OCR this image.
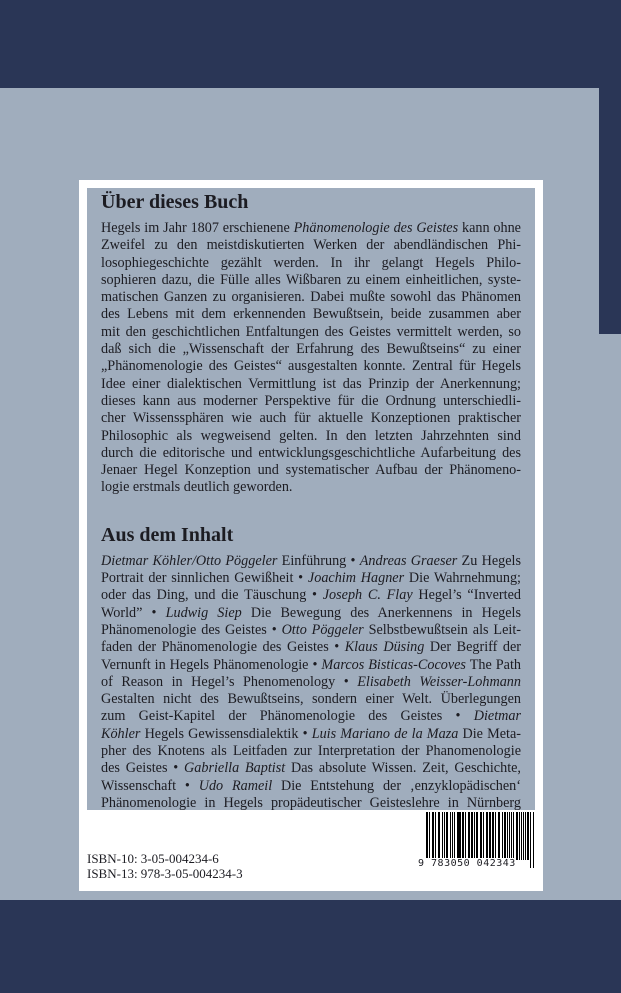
Über dieses Buch
Hegels im Jahr 1807 erschienene Phänomenologie des Geistes kann ohne
Zweifel zu den meistdiskutierten Werken der abendländischen Phi-
losophiegeschichte gezählt werden. In ihr gelangt Hegels Philo-
sophieren dazu, die Fülle alles Wißbaren zu einem einheitlichen, syste-
matischen Ganzen zu organisieren. Dabei mußte sowohl das Phänomen
des Lebens mit dem erkennenden Bewußtsein, beide zusammen aber
mit den geschichtlichen Entfaltungen des Geistes vermittelt werden, so
daß sich die „Wissenschaft der Erfahrung des Bewußtseins“ zu einer
„Phänomenologie des Geistes“ ausgestalten konnte. Zentral für Hegels
Idee einer dialektischen Vermittlung ist das Prinzip der Anerkennung;
dieses kann aus moderner Perspektive für die Ordnung unterschiedli-
cher Wissenssphären wie auch für aktuelle Konzeptionen praktischer
Philosophic als wegweisend gelten. In den letzten Jahrzehnten sind
durch die editorische und entwicklungsgeschichtliche Aufarbeitung des
Jenaer Hegel Konzeption und systematischer Aufbau der Phänomeno-
logie erstmals deutlich geworden.
Aus dem Inhalt
Dietmar Köhler/Otto Pöggeler Einführung • Andreas Graeser Zu Hegels
Portrait der sinnlichen Gewißheit • Joachim Hagner Die Wahrnehmung;
oder das Ding, und die Täuschung • Joseph C. Flay Hegel’s “Inverted
World” • Ludwig Siep Die Bewegung des Anerkennens in Hegels
Phänomenologie des Geistes • Otto Pöggeler Selbstbewußtsein als Leit-
faden der Phänomenologie des Geistes • Klaus Düsing Der Begriff der
Vernunft in Hegels Phänomenologie • Marcos Bisticas-Cocoves The Path
of Reason in Hegel’s Phenomenology • Elisabeth Weisser-Lohmann
Gestalten nicht des Bewußtseins, sondern einer Welt. Überlegungen
zum Geist-Kapitel der Phänomenologie des Geistes • Dietmar
Köhler Hegels Gewissensdialektik • Luis Mariano de la Maza Die Meta-
pher des Knotens als Leitfaden zur Interpretation der Phanomenologie
des Geistes • Gabriella Baptist Das absolute Wissen. Zeit, Geschichte,
Wissenschaft • Udo Rameil Die Entstehung der ‚enzyklopädischen‘
Phänomenologie in Hegels propädeutischer Geisteslehre in Nürnberg
ISBN-10: 3-05-004234-6
ISBN-13: 978-3-05-004234-3
9 783050 042343
